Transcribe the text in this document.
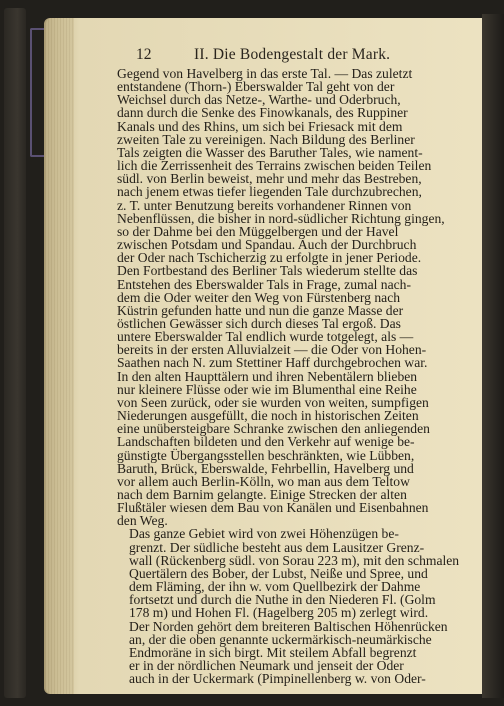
12	II. Die Bodengestalt der Mark.

Gegend von Havelberg in das erste Tal. — Das zuletzt
entstandene (Thorn-) Eberswalder Tal geht von der
Weichsel durch das Netze-, Warthe- und Oderbruch,
dann durch die Senke des Finowkanals, des Ruppiner
Kanals und des Rhins, um sich bei Friesack mit dem
zweiten Tale zu vereinigen. Nach Bildung des Berliner
Tals zeigten die Wasser des Baruther Tales, wie nament-
lich die Zerrissenheit des Terrains zwischen beiden Teilen
südl. von Berlin beweist, mehr und mehr das Bestreben,
nach jenem etwas tiefer liegenden Tale durchzubrechen,
z. T. unter Benutzung bereits vorhandener Rinnen von
Nebenflüssen, die bisher in nord-südlicher Richtung gingen,
so der Dahme bei den Müggelbergen und der Havel
zwischen Potsdam und Spandau. Auch der Durchbruch
der Oder nach Tschicherzig zu erfolgte in jener Periode.
Den Fortbestand des Berliner Tals wiederum stellte das
Entstehen des Eberswalder Tals in Frage, zumal nach-
dem die Oder weiter den Weg von Fürstenberg nach
Küstrin gefunden hatte und nun die ganze Masse der
östlichen Gewässer sich durch dieses Tal ergoß. Das
untere Eberswalder Tal endlich wurde totgelegt, als —
bereits in der ersten Alluvialzeit — die Oder von Hohen-
Saathen nach N. zum Stettiner Haff durchgebrochen war.
In den alten Haupttälern und ihren Nebentälern blieben
nur kleinere Flüsse oder wie im Blumenthal eine Reihe
von Seen zurück, oder sie wurden von weiten, sumpfigen
Niederungen ausgefüllt, die noch in historischen Zeiten
eine unübersteigbare Schranke zwischen den anliegenden
Landschaften bildeten und den Verkehr auf wenige be-
günstigte Übergangsstellen beschränkten, wie Lübben,
Baruth, Brück, Eberswalde, Fehrbellin, Havelberg und
vor allem auch Berlin-Kölln, wo man aus dem Teltow
nach dem Barnim gelangte. Einige Strecken der alten
Flußtäler wiesen dem Bau von Kanälen und Eisenbahnen
den Weg.

Das ganze Gebiet wird von zwei Höhenzügen be-
grenzt. Der südliche besteht aus dem Lausitzer Grenz-
wall (Rückenberg südl. von Sorau 223 m), mit den schmalen
Quertälern des Bober, der Lubst, Neiße und Spree, und
dem Fläming, der ihn w. vom Quellbezirk der Dahme
fortsetzt und durch die Nuthe in den Niederen Fl. (Golm
178 m) und Hohen Fl. (Hagelberg 205 m) zerlegt wird.
Der Norden gehört dem breiteren Baltischen Höhenrücken
an, der die oben genannte uckermärkisch-neumärkische
Endmoräne in sich birgt. Mit steilem Abfall begrenzt
er in der nördlichen Neumark und jenseit der Oder
auch in der Uckermark (Pimpinellenberg w. von Oder-
